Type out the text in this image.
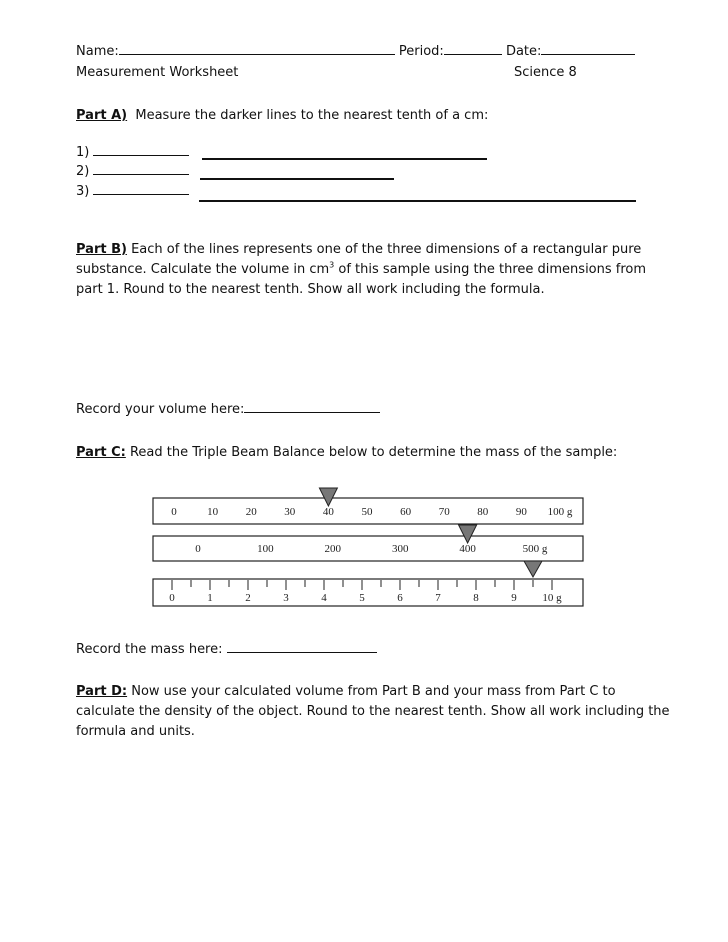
Name:	Period:	Date:
Measurement Worksheet	Science 8
Part A) Measure the darker lines to the nearest tenth of a cm:
1)
2)
3)
Part B) Each of the lines represents one of the three dimensions of a rectangular pure substance. Calculate the volume in $cm^3$ of this sample using the three dimensions from part 1. Round to the nearest tenth. Show all work including the formula.
Record your volume here:
Part C: Read the Triple Beam Balance below to determine the mass of the sample:
0	10	20	30	40	50	60	70	80	90 100 g
0	100	200	300	400	500 g
0	1	2	3	4	5	6	7	8	9 10 g
Record the mass here:
Part D: Now use your calculated volume from Part B and your mass from Part C to calculate the density of the object. Round to the nearest tenth. Show all work including the formula and units.
